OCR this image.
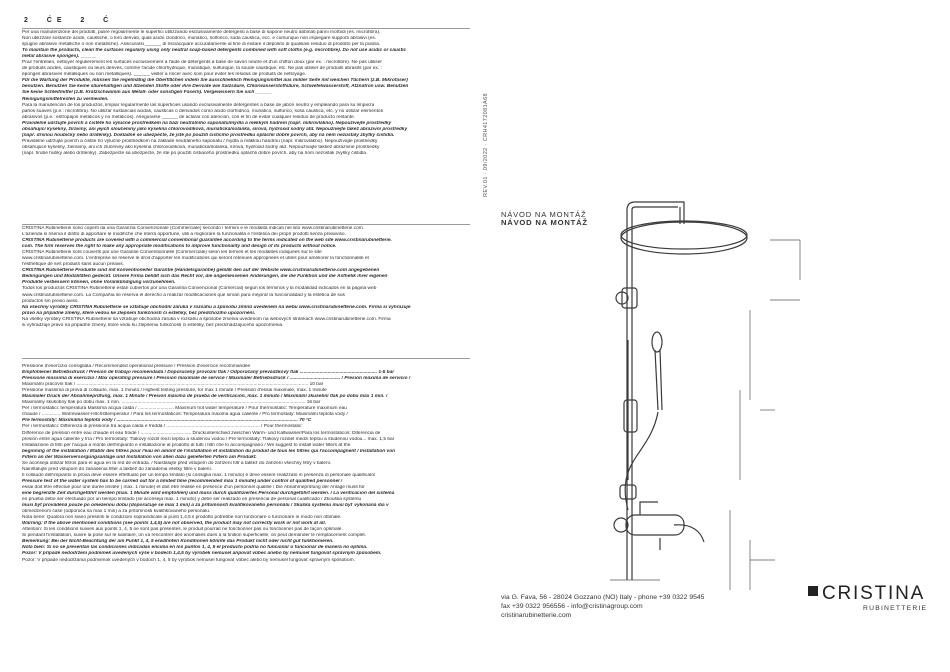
2  ĆE  2  Ć
Per una manutenzione dei prodotti, pulire regolarmente le superfici utilizzando esclusivamente detergenti a base di sapone neutro abbinati panni morbidi (es. microfibra).
Non utilizzare sostanze acide, caustiche, o loro derivati, quali acido cloridrico, muriatico, solforico, soda caustica, ecc. e comunque non impiegare supporti abrasivi (es.
spugne abrasive metalliche o non metalliche). Assicurarsi ______ di risciacquare accuratamente al fine di evitare il deposito di qualsiasi residuo di prodotto per la pulizia.
To maintain the products, clean the surfaces regularly using only neutral soap-based detergents combined with soft cloths (e.g. microfibre). Do not use acidic or caustic
metal abrasive sponges). ______
Pour l'entretien, nettoyer régulièrement les surfaces exclusivement à l'aide de détergents à base de savon neutre et d'un chiffon doux (par ex. : microfibre). Ne pas utiliser
de produits acides, caustiques ou leurs dérivés, comme l'acide chlorhydrique, muriatique, sulfurique, la soude caustique, etc. Ne pas utiliser de produits abrasifs (par ex. :
éponges abrasives métalliques ou non métalliques). ______ veiller à rincer avec soin pour éviter les résidus de produits de nettoyage.
Für die Wartung der Produkte, müssen Sie regelmäßig die Oberflächen indem Sie ausschließlich Reinigungsmittel aus milder Seife mit weichen Tüchern (z.B. Mikrofaser)
benutzen. Benutzen Sie keine säurehaltigen und ätzenden Stoffe oder ihre Derivate wie Salzsäure, Chlorwasserstoffsäure, Schwefelwasserstoff, Ätznatron usw. Benutzen
Sie keine Schleifmittel (z.B. Kratzschwamm aus Metall- oder sonstigen Fasern). Vergewissern Sie sich ______
Reinigungsmittelresten zu vermeiden.
Para la manutención de los productos, limpiar regularmente las superficies usando exclusivamente detergentes a base de jabón neutro y empleando para su limpieza
paños suaves (p.e.: microfibra). No utilizar sustancias ácidas, cáusticas o derivados como ácido clorhídrico, muriático, sulfúrico, sosa cáustica, etc. y no utilizar elementos
abrasivos (p.e.: estropajos metálicos y no metálicos). Asegurarse ______ de aclarar con atención, con el fin de evitar cualquier residuo de producto restante.
Pravidelné udržujte povrch a čistěte ho výlučně prostředkem na bázi neutrálního saponátu/mýdla a měkkým hadrem (např. mikrovlákno). Nepoužívejte prostředky
obsahující kyseliny, žíraviny, ani jejich sloučeniny jako kyselina chlorovodíková, muriatická/solanka, sírová, hydroxid sodný atd. Nepoužívejte takéž abrazivní prostředky
(např. drsnou houbičky nebo drátěnky). Dokladně se ubezpečte, že jste po použití čisticího prostředku opláchli dobře povrch, aby na něm nezůstaly zbytky čistidla.
Pravidelne udržujte povrch a čistite ho výlučne prostriedkom na základe neutrálneho saponátu / mydla a mäkkou handrou (napr. mikrovlákno). Nepoužívajte prostriedky
obsahujúce kyseliny, žieraviny, ani ich zlúčeniny ako kyselina chlorovodíková, muriatická/solanka, sírová, hydroxid sodný atď. Nepoužívajte taktiež abrazívne prostriedky
(napr. hrubé hubky alebo drôtenky). Zabezpečte sa ubezpečte, že ste po použití čistiaceho prostriedku opláchli dobre povrch, aby na ňom nezostali zvyšky čistidla.
CRISTINA Rubinetterie sono coperti da una Garanzia Convenzionale (Commerciale) secondo i termini e le modalità indicati nel sito www.cristinarubinetterie.com.
L'azienda si riserva il diritto di apportare le modifiche che riterrà opportune, utili a migliorare la funzionalità e l'estetica dei propri prodotti senza preavviso.
CRISTINA Rubinetterie products are covered with a commercial conventional guarantee according to the terms indicated on the web site www.cristinarubinetterie.
com. The firm reserves the right to make any appropriate modifications to improve functionality and design of its products without notice.
CRISTINA Rubinetterie sont couverts par une Garantie Conventionnelle (Commerciale) selon les termes et les modalités indiquées sur le site
www.cristinarubinetterie.com. L'entreprise se réserve le droit d'apporter les modifications qui seront retenues appropriées et utiles pour améliorer la fonctionnalité et
l'esthétique de ses produits sans aucun préavis.
CRISTINA Rubinetterie Produkte sind mit konventioneller Garantie (Handelsgarantie) gemäß den auf der Website www.cristinarubinetterie.com angegebenen
Bedingungen und Modalitäten gedeckt. Unsere Firma behält sich das Recht vor, die angemessenen Änderungen, die die Funktion und die Ästhetik ihrer eigenen
Produkte verbessern können, ohne Vorankündigung vorzunehmen.
Todos los productos CRISTINA Rubinetterie están cubiertos por una Garantía Convencional (Comercial) según los términos y la modalidad indicados en la página web
www.cristinarubinetterie.com. La Compañía se reserva el derecho a realizar modificaciones que sirvan para mejorar la funcionalidad y la estética de sus
productos sin previo aviso.
Na všechny výrobky CRISTINA Rubinetterie se vztahuje obchodní záruka v rozsahu a způsobu zmínů uvedeném na webu www.cristinarubinetterie.com. Firma si vyhrazuje
právo na případné změny, které vedou ke zlepšení funkčnosti či estetiky, bez předchozího upozornění.
Na všetky výrobky CRISTINA Rubinetterie sa vzťahuje obchodná záruka v rozsahu a spôsobe zmenia uvedenom na webových stránkach www.cristinarubinetterie.com. Firma
si vyhradzuje právo na prípadné zmeny, ktoré vedú ku zlepšeniu funkčnosti či estetiky, bez predchádzajúceho upozornenia.
Pressione d'esercizio consigliata / Recommended operational pressure / Pression d'exercice recommandée
Empfohlener Betriebsdruck / Presión de trabajo recomendada / Doporučený provozní tlak / Odporúčaný prevádzkový tlak .......................................................... 1-5 bar
Pressione massima di esercizio / Max operating pressure / Pression maximale de service / Maximaler Betriebsdruck / ...................................... / Presión máxima de servicio /
Maximální pracovní tlak / .............................................................................................................................................................................. 10 bar
Pressione massima di prova di collaudo, max. 1 minuto / Highest testing pressure, for max 1 minute / Pression d'essai maximale, max. 1 minute
Maximaler Druck der Abnahmeprüfung, max. 1 Minute / Presión máxima de prueba de verificación, max. 1 minuto / Maximální zkušební tlak po dobu max 1 min. /
Maximálny skúšobný tlak po dobu max. 1 min. .......................................................................................................................................... 16 bar
Per i termostatici: temperatura Massima acqua calda / ........................... Maximum hot water temperature / Pour thermostatic: Température maximum eau
chaude / .............. Warmwasser-Höchsttemperatur / Para los termostáticos: Temperatura máxima agua caliente / Pro termostaty: Maximální teplota vody /
Pre termostaty: Maximálna teplota vody / ........................................................................................................................................ 70 °C
Per i termostatici: Differenza di pressione tra acqua calda e fredda / ...................................................................... / Pour thermostatic:
Différence de pression entre eau chaude et eau froide / ...................................... Druckunterschied zwischen Warm- und Kaltwasser/Para los termostáticos: Diferencia de
presión entre agua caliente y fría / Pro termostaty: Tlakový rozdíl mezi teplou a studenou vodou / Pre termostaty: Tlakový rozdiel medzi teplou a studenou vodou... max. 1,5 bar
Installazione di filtri per l'acqua a monte dell'impianto e installazione al prodotto di tutti i filtri che lo accompagnano / We suggest to install water filters at the
beginning of the installation / Établir des filtres pour l'eau en amont de l'installation et installation du produit de tous les filtres qui l'accompagnent / Installation von
Filtern an der Wasserversorgungsanlage und Installation von allen dazu gelieferten Filtern am Produkt.
Se aconseja utilizar filtros para el agua en la red de entrada. / Naistalujte před vstupem do zařízení filtr a taktéž do zařízení všechny filtry v balení.
Nainštalujte pred vstupom do zariadenia filter a taktiež do zariadenia všetky filtre v balení.
Il collaudo dell'impianto in prova deve essere effettuato per un tempo limitato (si consiglia max. 1 minuto) e deve essere realizzato in presenza di personale qualificato/
Pressure test of the water system has to be carried out for a limited time (recommended max 1 minute) under control of qualified personnel /
essai doit être effectué pour une durée limitée ( max. 1 minute) et doit être réalisé en présence d'un personnel qualifié / Die Abnahmeprüfung der Anlage muss für
eine begrenzte Zeit durchgeführt werden (max. 1 Minute wird empfohlen) und muss durch qualifiziertes Personal durchgeführt werden. / La verificación del sistema
en prueba debe ser efectuado por un tiempo limitado (se aconseja max. 1 minuto) y debe ser realizado en presencia de personal cualificado / Zkouška systému
musí být prováděná pouze po omezenou dobu (doporučuje se max 1 min) a za přítomnosti kvalifikovaného personálu / Skúška systému musí byť vykonaná iba v
obmedzenom čase (odporúča sa max 1 min) a za prítomnosti kvalifikovaného personálu.
Nota bene: Qualora non siano presenti le condizioni sopraindicate ai punti 1,4,5 il prodotto potrebbe non funzionare o funzionare in modo non ottimale.
Warning: If the above mentioned conditions (see points 1,4,5) are not observed, the product may not correctly work or not work at all.
Attention: Si les conditions suivies aux points 1, 4, 5 ne sont pas présentes, le produit pourrait ne fonctionner pas ou fonctionner pas de façon optimale.
Si pendant l'installation, suivre la pose sur le sanitaire, on va rencontrer des anomalies dues à la finition superficielle, on peut demander le remplacement complet.
Bemerkung: Bei der Nicht-Beachtung der am Punkt 1, 4, 5 erwähnten Konditionen könnte das Produkt nicht oder nicht gut funktionieren.
Nota bien: Si no se presentan las condiciones indicadas encima en los puntos 1, 4, 5 el producto podría no funcionar o funcionar de manera no óptima.
Pozor: V případě nedodržení podmínek uvedených výše v bodech 1,4,5 by výrobek nemusel anpovat vůbec anebo by nemusel fungovat správným způsobem.
Pozor: V prípade nedodržania podmienok uvedených v bodoch 1, 4, 5 by výrobok nemusel fungovať vôbec alebo by nemusel fungovať správnym spôsobom.
REV.01 · 09/2022 · CRH4172081A68
NÁVOD NA MONTÁŽ
NÁVOD NA MONTÁŽ
via G. Fava, 56 - 28024 Gozzano (NO) Italy - phone +39 0322 9545
fax +39 0322 956556 - info@cristinagroup.com
cristinarubinetterie.com
CRISTINA
RUBINETTERIE
